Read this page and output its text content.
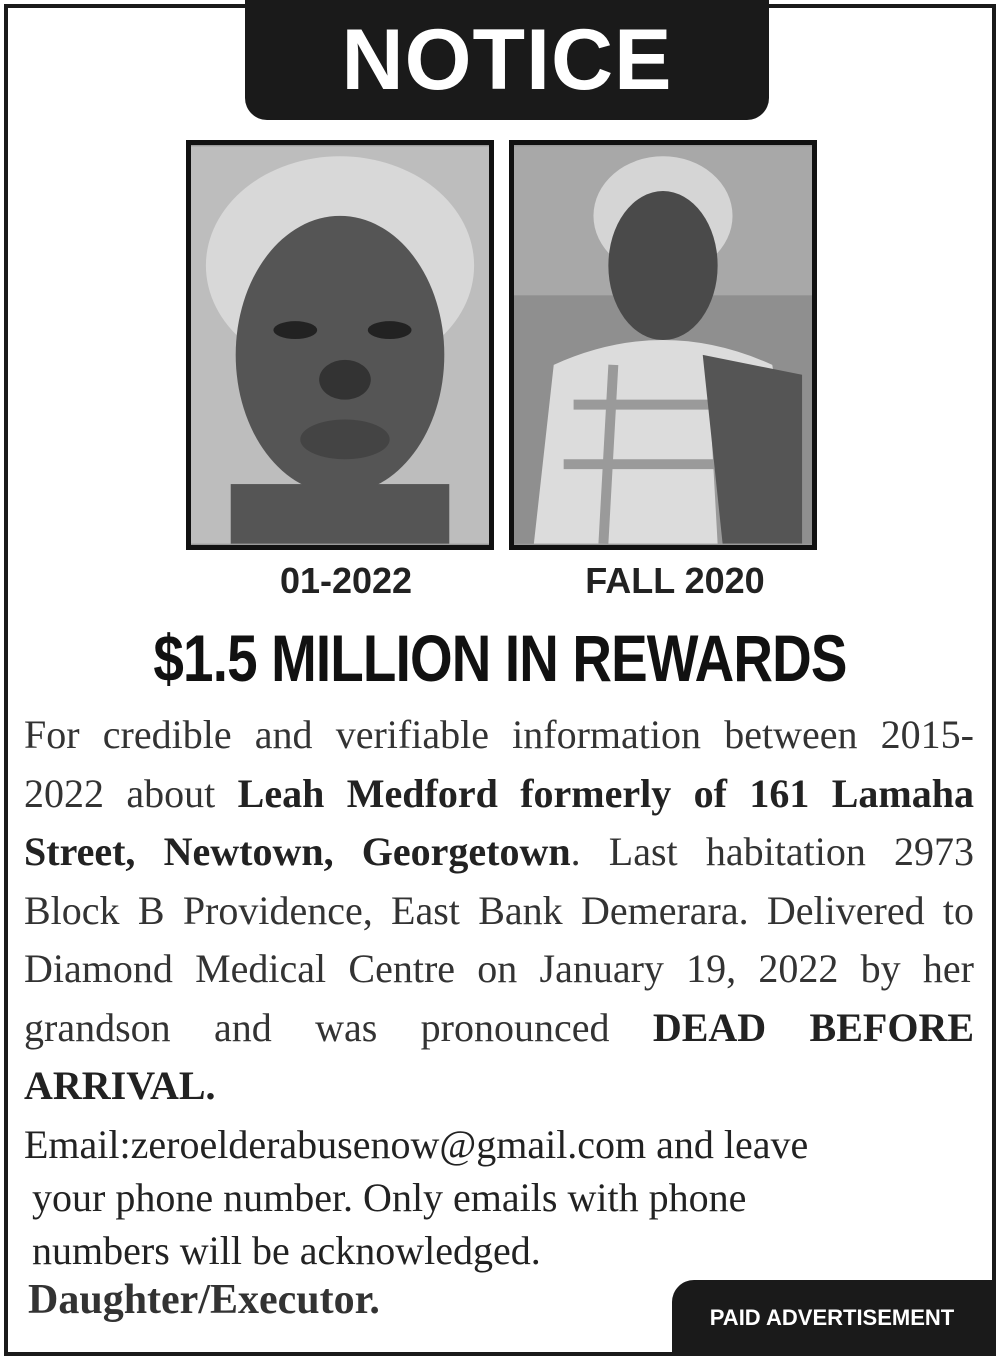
NOTICE
01-2022	FALL 2020
$1.5 MILLION IN REWARDS
For credible and verifiable information between 2015-2022 about Leah Medford formerly of 161 Lamaha Street, Newtown, Georgetown. Last habitation 2973 Block B Providence, East Bank Demerara. Delivered to Diamond Medical Centre on January 19, 2022 by her grandson and was pronounced DEAD BEFORE ARRIVAL.
Email:zeroelderabusenow@gmail.com and leave
your phone number. Only emails with phone
numbers will be acknowledged.
Daughter/Executor.	PAID ADVERTISEMENT
